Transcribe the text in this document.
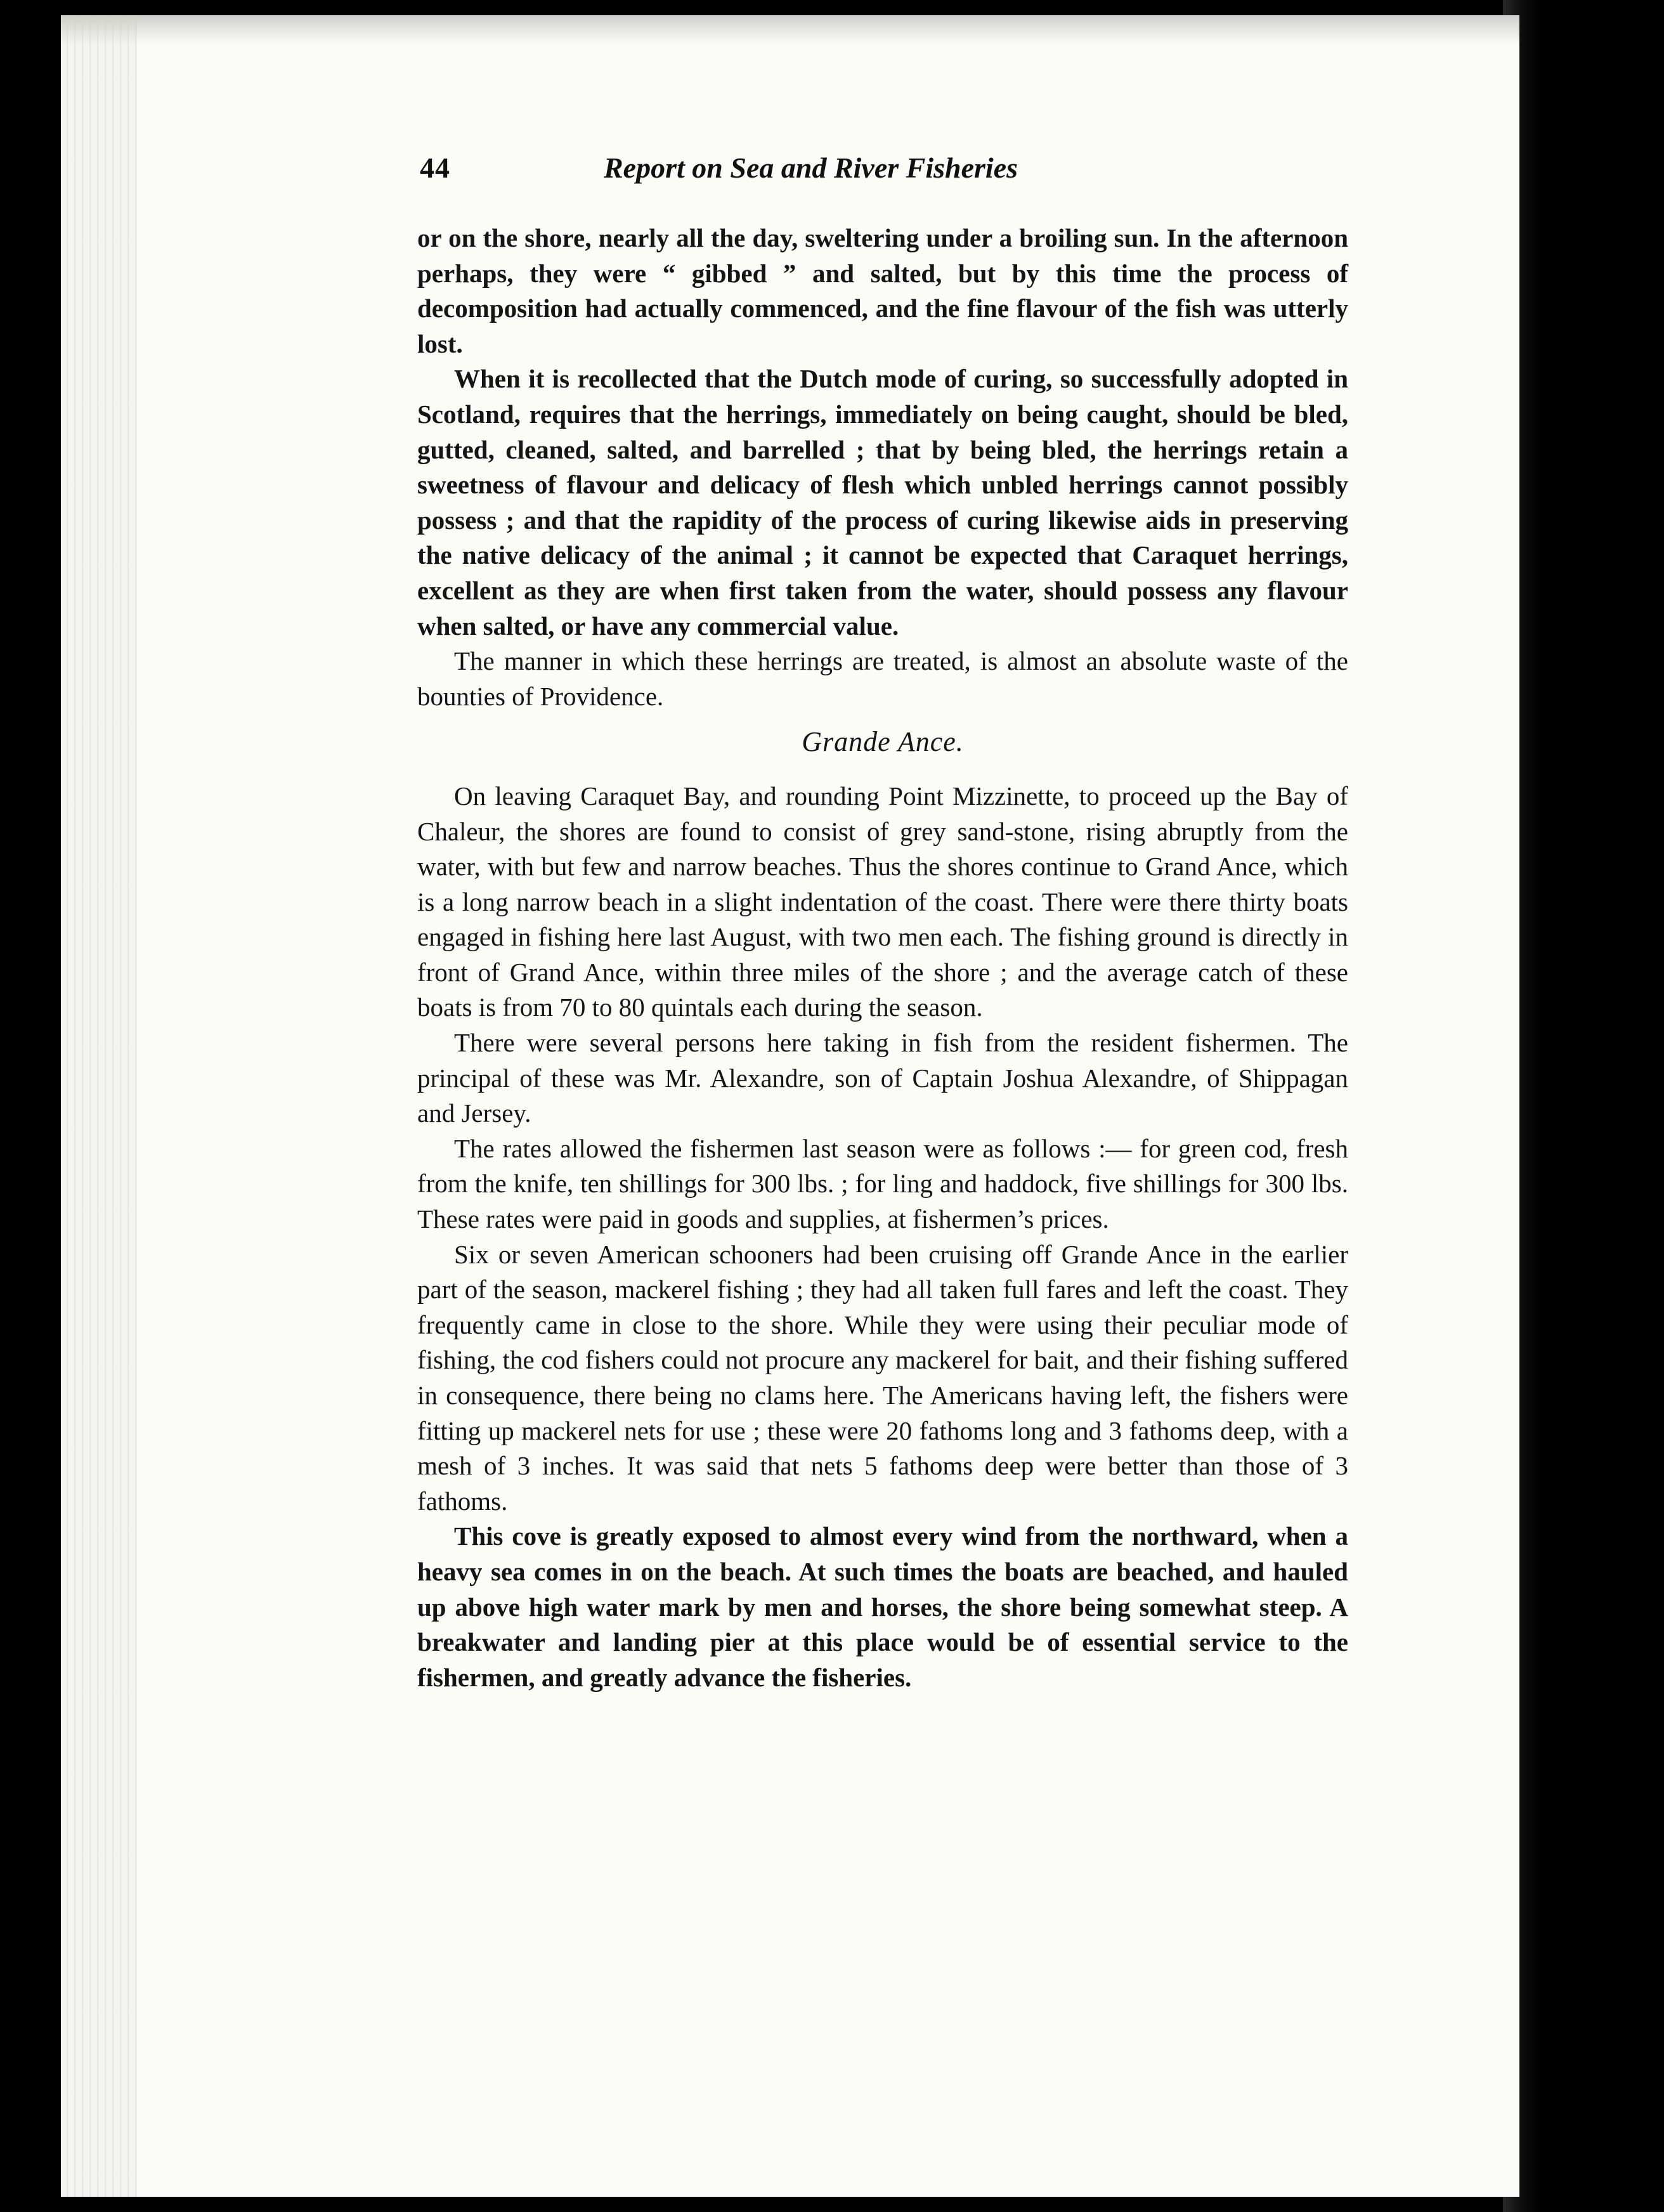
44	Report on Sea and River Fisheries

or on the shore, nearly all the day, sweltering under a broiling sun. In the afternoon perhaps, they were “ gibbed ” and salted, but by this time the process of decomposition had actually commenced, and the fine flavour of the fish was utterly lost.

When it is recollected that the Dutch mode of curing, so successfully adopted in Scotland, requires that the herrings, immediately on being caught, should be bled, gutted, cleaned, salted, and barrelled ; that by being bled, the herrings retain a sweetness of flavour and delicacy of flesh which unbled herrings cannot possibly possess ; and that the rapidity of the process of curing likewise aids in preserving the native delicacy of the animal ; it cannot be expected that Caraquet herrings, excellent as they are when first taken from the water, should possess any flavour when salted, or have any commercial value.

The manner in which these herrings are treated, is almost an absolute waste of the bounties of Providence.

Grande Ance.

On leaving Caraquet Bay, and rounding Point Mizzinette, to proceed up the Bay of Chaleur, the shores are found to consist of grey sand-stone, rising abruptly from the water, with but few and narrow beaches. Thus the shores continue to Grand Ance, which is a long narrow beach in a slight indentation of the coast. There were there thirty boats engaged in fishing here last August, with two men each. The fishing ground is directly in front of Grand Ance, within three miles of the shore ; and the average catch of these boats is from 70 to 80 quintals each during the season.

There were several persons here taking in fish from the resident fishermen. The principal of these was Mr. Alexandre, son of Captain Joshua Alexandre, of Shippagan and Jersey.

The rates allowed the fishermen last season were as follows :— for green cod, fresh from the knife, ten shillings for 300 lbs. ; for ling and haddock, five shillings for 300 lbs. These rates were paid in goods and supplies, at fishermen’s prices.

Six or seven American schooners had been cruising off Grande Ance in the earlier part of the season, mackerel fishing ; they had all taken full fares and left the coast. They frequently came in close to the shore. While they were using their peculiar mode of fishing, the cod fishers could not procure any mackerel for bait, and their fishing suffered in consequence, there being no clams here. The Americans having left, the fishers were fitting up mackerel nets for use ; these were 20 fathoms long and 3 fathoms deep, with a mesh of 3 inches. It was said that nets 5 fathoms deep were better than those of 3 fathoms.

This cove is greatly exposed to almost every wind from the northward, when a heavy sea comes in on the beach. At such times the boats are beached, and hauled up above high water mark by men and horses, the shore being somewhat steep. A breakwater and landing pier at this place would be of essential service to the fishermen, and greatly advance the fisheries.
